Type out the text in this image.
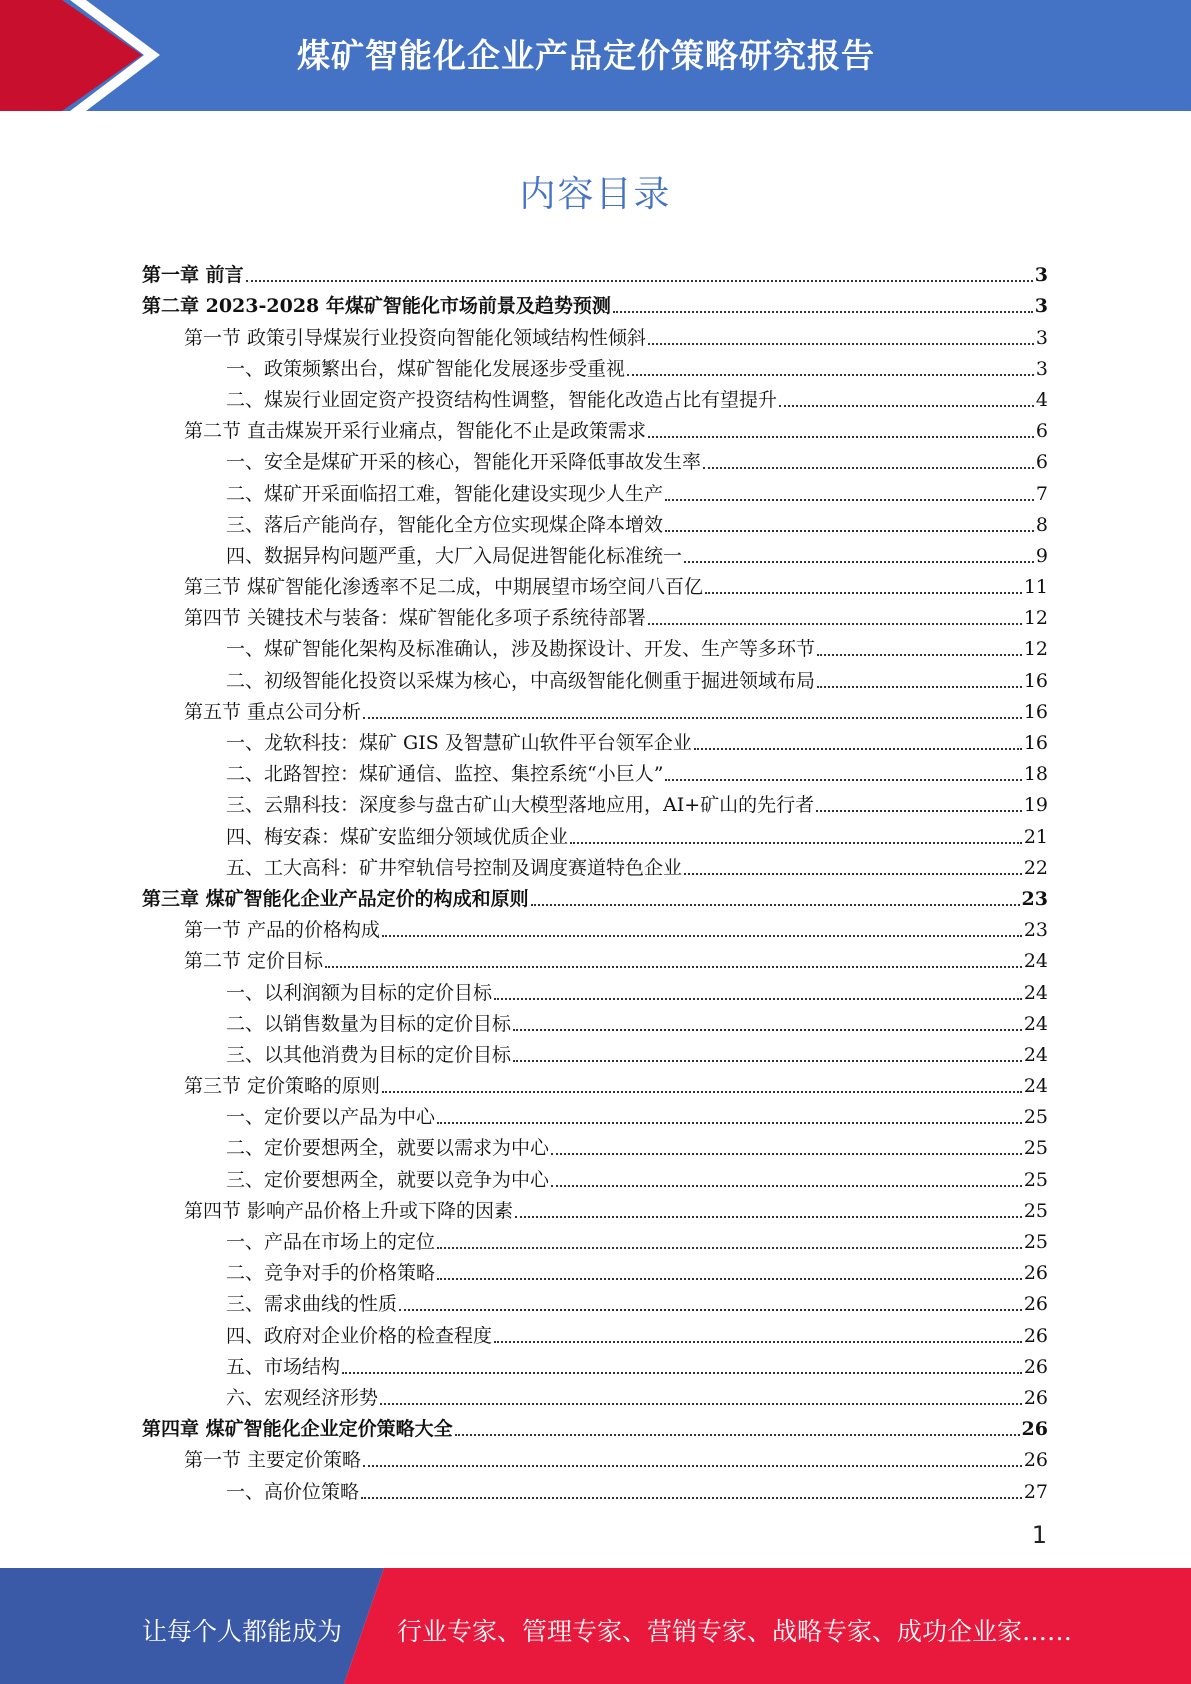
煤矿智能化企业产品定价策略研究报告
内容目录
第一章 前言	3
第二章 2023-2028 年煤矿智能化市场前景及趋势预测	3
第一节 政策引导煤炭行业投资向智能化领域结构性倾斜	3
一、政策频繁出台，煤矿智能化发展逐步受重视	3
二、煤炭行业固定资产投资结构性调整，智能化改造占比有望提升	4
第二节 直击煤炭开采行业痛点，智能化不止是政策需求	6
一、安全是煤矿开采的核心，智能化开采降低事故发生率	6
二、煤矿开采面临招工难，智能化建设实现少人生产	7
三、落后产能尚存，智能化全方位实现煤企降本增效	8
四、数据异构问题严重，大厂入局促进智能化标准统一	9
第三节 煤矿智能化渗透率不足二成，中期展望市场空间八百亿	11
第四节 关键技术与装备：煤矿智能化多项子系统待部署	12
一、煤矿智能化架构及标准确认，涉及勘探设计、开发、生产等多环节	12
二、初级智能化投资以采煤为核心，中高级智能化侧重于掘进领域布局	16
第五节 重点公司分析	16
一、龙软科技：煤矿 GIS 及智慧矿山软件平台领军企业	16
二、北路智控：煤矿通信、监控、集控系统“小巨人”	18
三、云鼎科技：深度参与盘古矿山大模型落地应用，AI+矿山的先行者	19
四、梅安森：煤矿安监细分领域优质企业	21
五、工大高科：矿井窄轨信号控制及调度赛道特色企业	22
第三章 煤矿智能化企业产品定价的构成和原则	23
第一节 产品的价格构成	23
第二节 定价目标	24
一、以利润额为目标的定价目标	24
二、以销售数量为目标的定价目标	24
三、以其他消费为目标的定价目标	24
第三节 定价策略的原则	24
一、定价要以产品为中心	25
二、定价要想两全，就要以需求为中心	25
三、定价要想两全，就要以竞争为中心	25
第四节 影响产品价格上升或下降的因素	25
一、产品在市场上的定位	25
二、竞争对手的价格策略	26
三、需求曲线的性质	26
四、政府对企业价格的检查程度	26
五、市场结构	26
六、宏观经济形势	26
第四章 煤矿智能化企业定价策略大全	26
第一节 主要定价策略	26
一、高价位策略	27
1
让每个人都能成为 行业专家、管理专家、营销专家、战略专家、成功企业家……
